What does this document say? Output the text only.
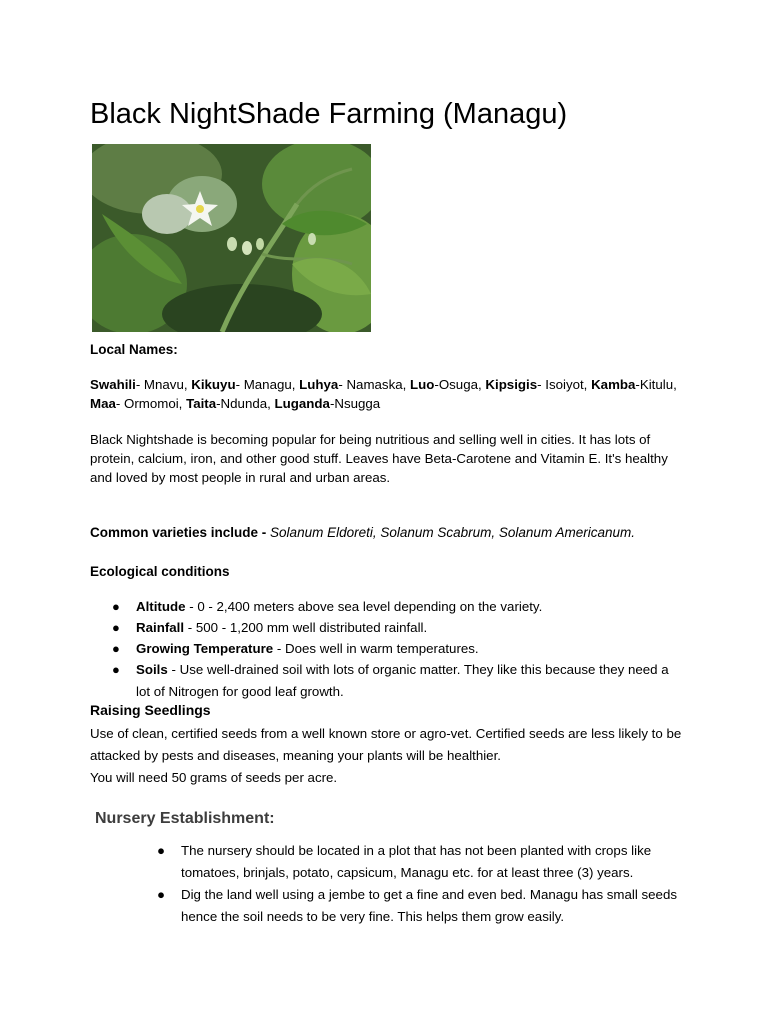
Black NightShade Farming (Managu)
Local Names:
Swahili- Mnavu, Kikuyu- Managu, Luhya- Namaska, Luo-Osuga, Kipsigis- Isoiyot, Kamba-Kitulu, Maa- Ormomoi, Taita-Ndunda, Luganda-Nsugga
Black Nightshade is becoming popular for being nutritious and selling well in cities. It has lots of protein, calcium, iron, and other good stuff. Leaves have Beta-Carotene and Vitamin E. It's healthy and loved by most people in rural and urban areas.
Common varieties include - Solanum Eldoreti, Solanum Scabrum, Solanum Americanum.
Ecological conditions
● Altitude - 0 - 2,400 meters above sea level depending on the variety.
● Rainfall - 500 - 1,200 mm well distributed rainfall.
● Growing Temperature - Does well in warm temperatures.
● Soils - Use well-drained soil with lots of organic matter. They like this because they need a lot of Nitrogen for good leaf growth.
Raising Seedlings
Use of clean, certified seeds from a well known store or agro-vet. Certified seeds are less likely to be attacked by pests and diseases, meaning your plants will be healthier.
You will need 50 grams of seeds per acre.
Nursery Establishment:
● The nursery should be located in a plot that has not been planted with crops like tomatoes, brinjals, potato, capsicum, Managu etc. for at least three (3) years.
● Dig the land well using a jembe to get a fine and even bed. Managu has small seeds hence the soil needs to be very fine. This helps them grow easily.
